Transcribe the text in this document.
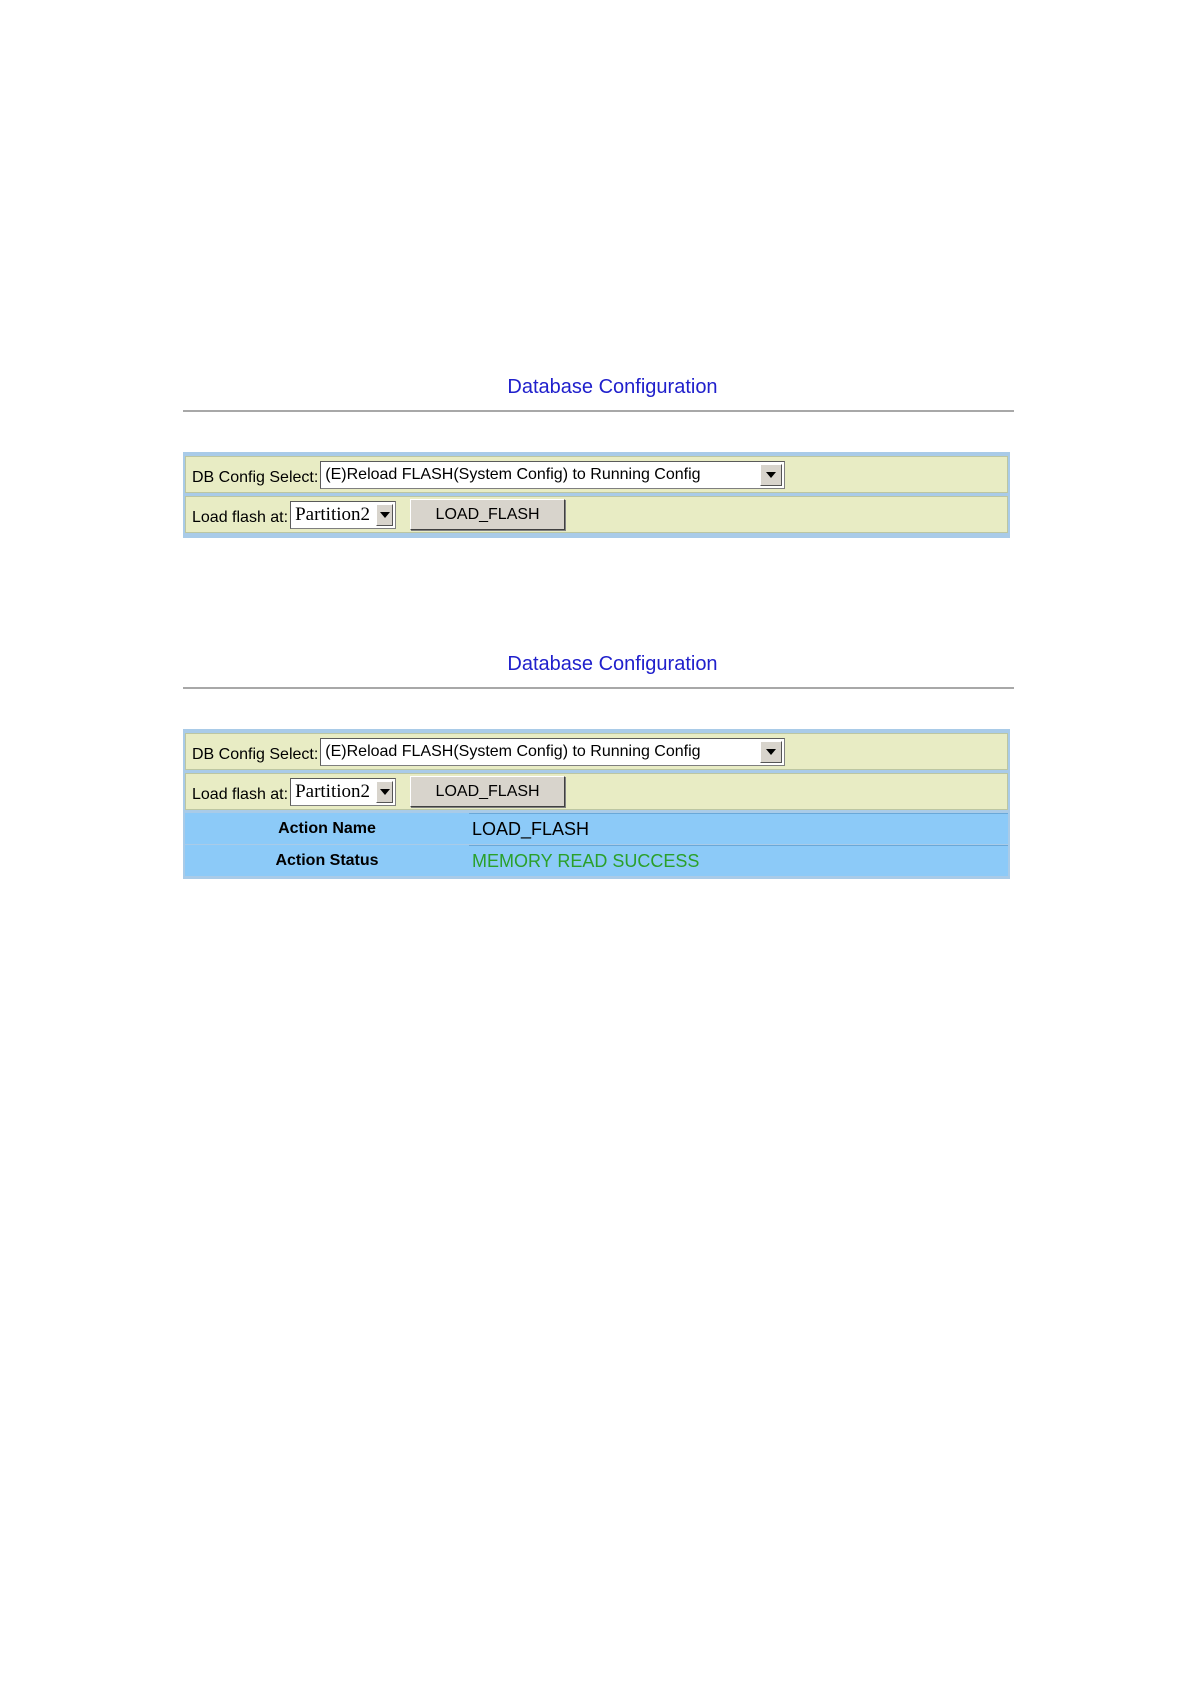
Database Configuration
DB Config Select: (E)Reload FLASH(System Config) to Running Config
Load flash at: Partition2	LOAD_FLASH
Database Configuration
DB Config Select: (E)Reload FLASH(System Config) to Running Config
Load flash at: Partition2	LOAD_FLASH
Action Name	LOAD_FLASH
Action Status	MEMORY READ SUCCESS
